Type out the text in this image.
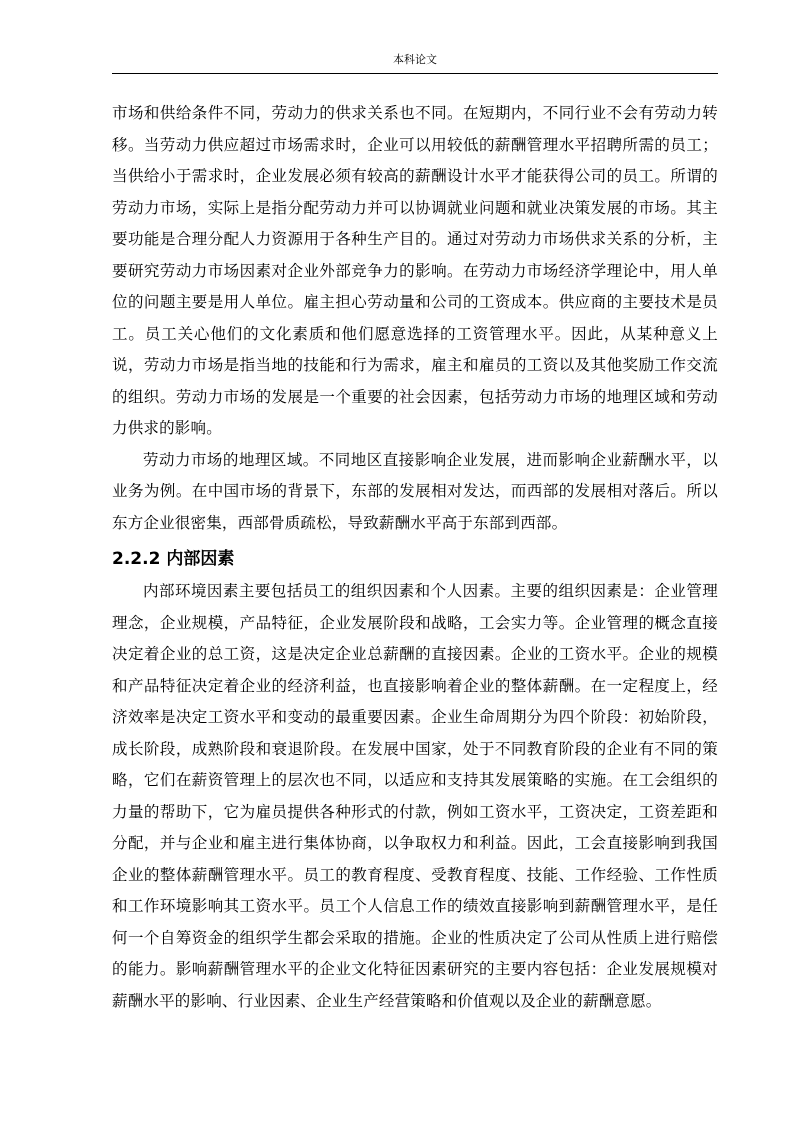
本科论文

市场和供给条件不同，劳动力的供求关系也不同。在短期内，不同行业不会有劳动力转移。当劳动力供应超过市场需求时，企业可以用较低的薪酬管理水平招聘所需的员工；当供给小于需求时，企业发展必须有较高的薪酬设计水平才能获得公司的员工。所谓的劳动力市场，实际上是指分配劳动力并可以协调就业问题和就业决策发展的市场。其主要功能是合理分配人力资源用于各种生产目的。通过对劳动力市场供求关系的分析，主要研究劳动力市场因素对企业外部竞争力的影响。在劳动力市场经济学理论中，用人单位的问题主要是用人单位。雇主担心劳动量和公司的工资成本。供应商的主要技术是员工。员工关心他们的文化素质和他们愿意选择的工资管理水平。因此，从某种意义上说，劳动力市场是指当地的技能和行为需求，雇主和雇员的工资以及其他奖励工作交流的组织。劳动力市场的发展是一个重要的社会因素，包括劳动力市场的地理区域和劳动力供求的影响。

劳动力市场的地理区域。不同地区直接影响企业发展，进而影响企业薪酬水平，以业务为例。在中国市场的背景下，东部的发展相对发达，而西部的发展相对落后。所以东方企业很密集，西部骨质疏松，导致薪酬水平高于东部到西部。

2.2.2 内部因素

内部环境因素主要包括员工的组织因素和个人因素。主要的组织因素是：企业管理理念，企业规模，产品特征，企业发展阶段和战略，工会实力等。企业管理的概念直接决定着企业的总工资，这是决定企业总薪酬的直接因素。企业的工资水平。企业的规模和产品特征决定着企业的经济利益，也直接影响着企业的整体薪酬。在一定程度上，经济效率是决定工资水平和变动的最重要因素。企业生命周期分为四个阶段：初始阶段，成长阶段，成熟阶段和衰退阶段。在发展中国家，处于不同教育阶段的企业有不同的策略，它们在薪资管理上的层次也不同，以适应和支持其发展策略的实施。在工会组织的力量的帮助下，它为雇员提供各种形式的付款，例如工资水平，工资决定，工资差距和分配，并与企业和雇主进行集体协商，以争取权力和利益。因此，工会直接影响到我国企业的整体薪酬管理水平。员工的教育程度、受教育程度、技能、工作经验、工作性质和工作环境影响其工资水平。员工个人信息工作的绩效直接影响到薪酬管理水平，是任何一个自筹资金的组织学生都会采取的措施。企业的性质决定了公司从性质上进行赔偿的能力。影响薪酬管理水平的企业文化特征因素研究的主要内容包括：企业发展规模对薪酬水平的影响、行业因素、企业生产经营策略和价值观以及企业的薪酬意愿。
